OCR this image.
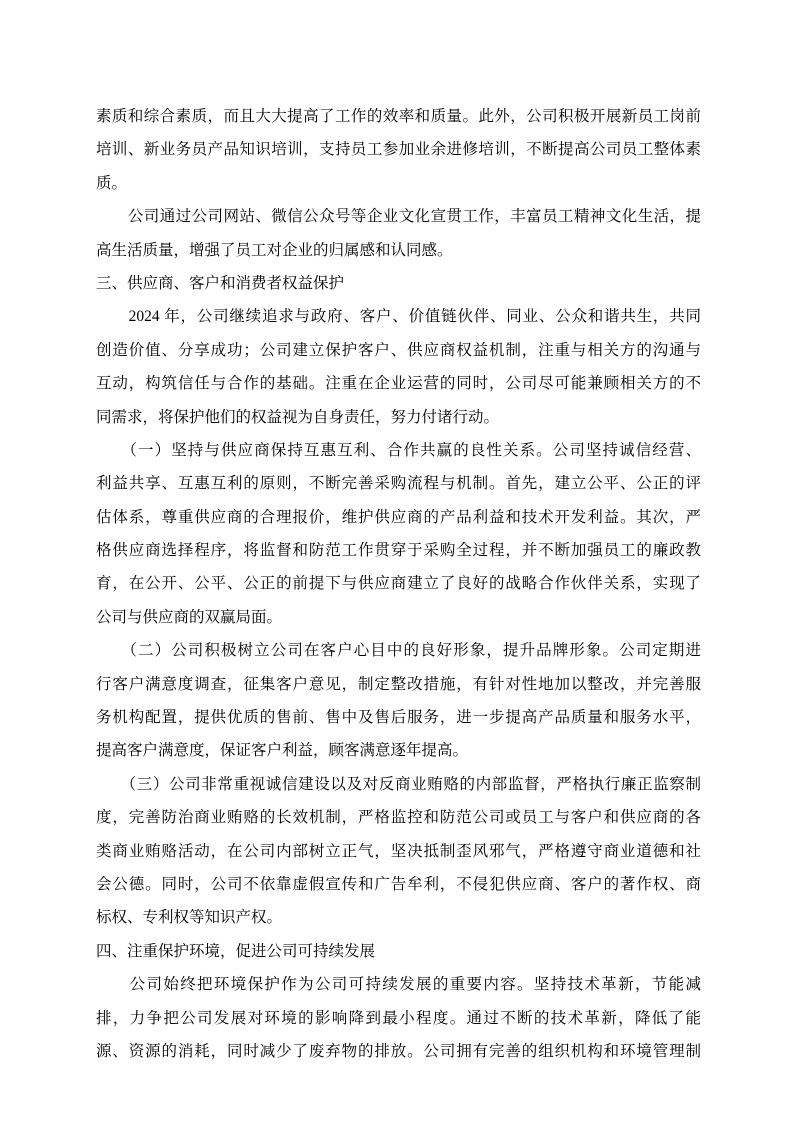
素质和综合素质，而且大大提高了工作的效率和质量。此外，公司积极开展新员工岗前
培训、新业务员产品知识培训，支持员工参加业余进修培训，不断提高公司员工整体素
质。
　　公司通过公司网站、微信公众号等企业文化宣贯工作，丰富员工精神文化生活，提
高生活质量，增强了员工对企业的归属感和认同感。
三、供应商、客户和消费者权益保护
　　2024 年，公司继续追求与政府、客户、价值链伙伴、同业、公众和谐共生，共同
创造价值、分享成功；公司建立保护客户、供应商权益机制，注重与相关方的沟通与
互动，构筑信任与合作的基础。注重在企业运营的同时，公司尽可能兼顾相关方的不
同需求，将保护他们的权益视为自身责任，努力付诸行动。
　　（一）坚持与供应商保持互惠互利、合作共赢的良性关系。公司坚持诚信经营、
利益共享、互惠互利的原则，不断完善采购流程与机制。首先，建立公平、公正的评
估体系，尊重供应商的合理报价，维护供应商的产品利益和技术开发利益。其次，严
格供应商选择程序，将监督和防范工作贯穿于采购全过程，并不断加强员工的廉政教
育，在公开、公平、公正的前提下与供应商建立了良好的战略合作伙伴关系，实现了
公司与供应商的双赢局面。
　　（二）公司积极树立公司在客户心目中的良好形象，提升品牌形象。公司定期进
行客户满意度调查，征集客户意见，制定整改措施，有针对性地加以整改，并完善服
务机构配置，提供优质的售前、售中及售后服务，进一步提高产品质量和服务水平，
提高客户满意度，保证客户利益，顾客满意逐年提高。
　　（三）公司非常重视诚信建设以及对反商业贿赂的内部监督，严格执行廉正监察制
度，完善防治商业贿赂的长效机制，严格监控和防范公司或员工与客户和供应商的各
类商业贿赂活动，在公司内部树立正气，坚决抵制歪风邪气，严格遵守商业道德和社
会公德。同时，公司不依靠虚假宣传和广告牟利，不侵犯供应商、客户的著作权、商
标权、专利权等知识产权。
四、注重保护环境，促进公司可持续发展
　　公司始终把环境保护作为公司可持续发展的重要内容。坚持技术革新，节能减
排，力争把公司发展对环境的影响降到最小程度。通过不断的技术革新，降低了能
源、资源的消耗，同时减少了废弃物的排放。公司拥有完善的组织机构和环境管理制
